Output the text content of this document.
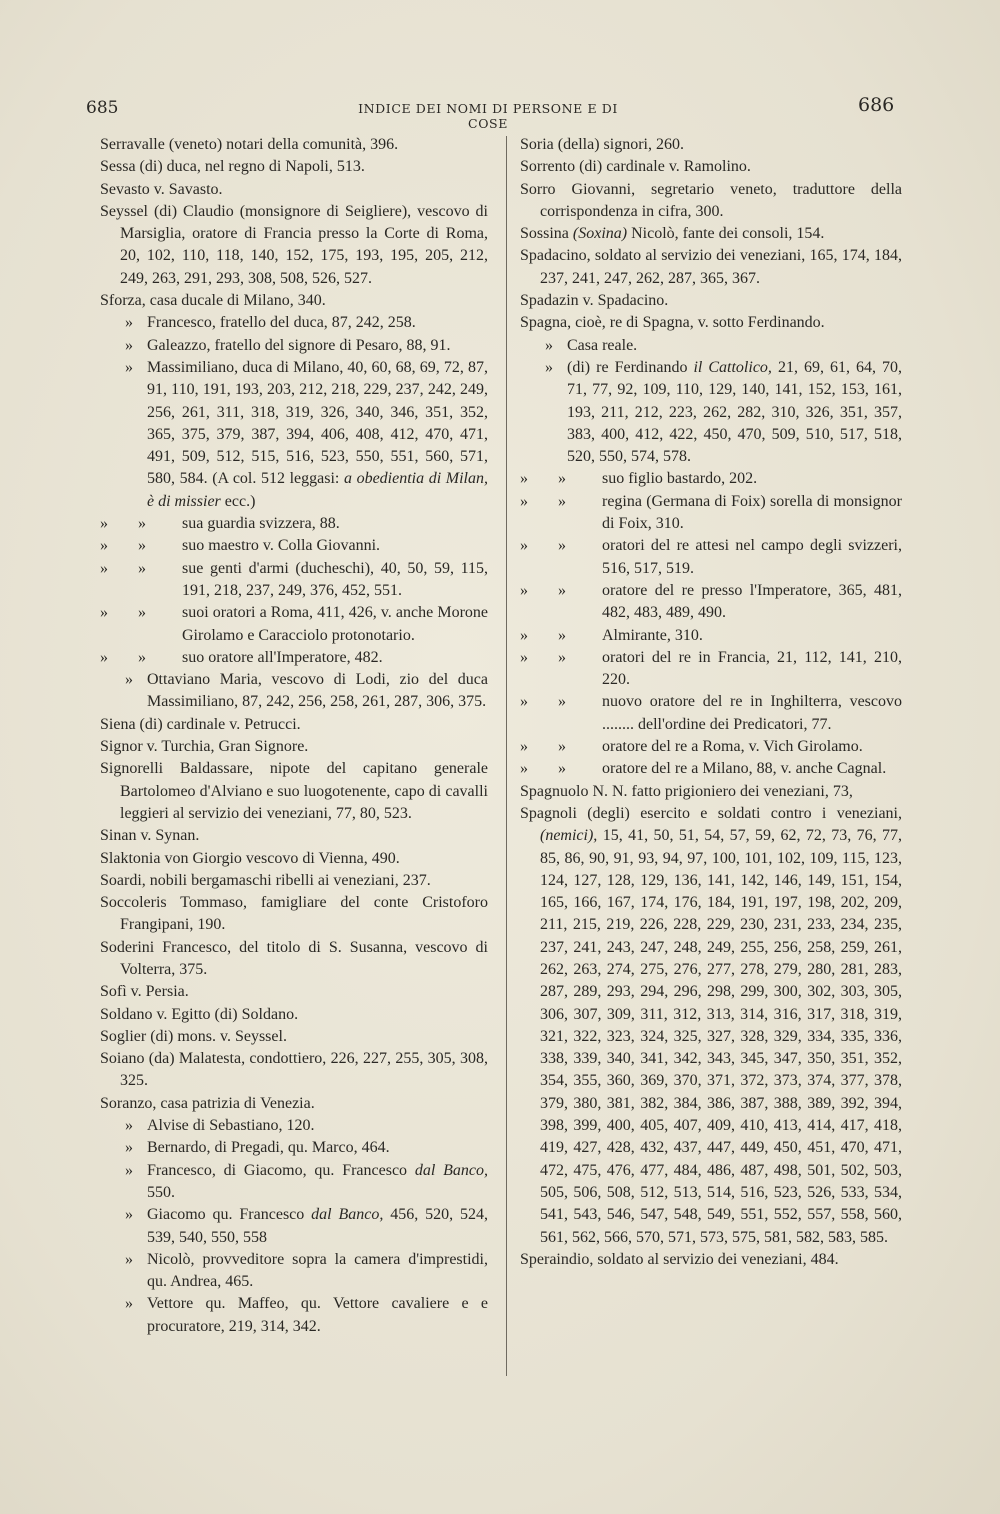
685	INDICE DEI NOMI DI PERSONE E DI COSE
686
Serravalle (veneto) notari della comunità, 396.
Sessa (di) duca, nel regno di Napoli, 513.
Sevasto v. Savasto.
Seyssel (di) Claudio (monsignore di Seigliere), vescovo di Marsiglia, oratore di Francia presso la Corte di Roma, 20, 102, 110, 118, 140, 152, 175, 193, 195, 205, 212, 249, 263, 291, 293, 308, 508, 526, 527.
Sforza, casa ducale di Milano, 340.
» Francesco, fratello del duca, 87, 242, 258.
» Galeazzo, fratello del signore di Pesaro, 88, 91.
» Massimiliano, duca di Milano, 40, 60, 68, 69, 72, 87, 91, 110, 191, 193, 203, 212, 218, 229, 237, 242, 249, 256, 261, 311, 318, 319, 326, 340, 346, 351, 352, 365, 375, 379, 387, 394, 406, 408, 412, 470, 471, 491, 509, 512, 515, 516, 523, 550, 551, 560, 571, 580, 584. (A col. 512 leggasi: a obedientia di Milan, è di missier ecc.)
» » sua guardia svizzera, 88.
» » suo maestro v. Colla Giovanni.
» » sue genti d'armi (ducheschi), 40, 50, 59, 115, 191, 218, 237, 249, 376, 452, 551.
» » suoi oratori a Roma, 411, 426, v. anche Morone Girolamo e Caracciolo protonotario.
» » suo oratore all'Imperatore, 482.
» Ottaviano Maria, vescovo di Lodi, zio del duca Massimiliano, 87, 242, 256, 258, 261, 287, 306, 375.
Siena (di) cardinale v. Petrucci.
Signor v. Turchia, Gran Signore.
Signorelli Baldassare, nipote del capitano generale Bartolomeo d'Alviano e suo luogotenente, capo di cavalli leggieri al servizio dei veneziani, 77, 80, 523.
Sinan v. Synan.
Slaktonia von Giorgio vescovo di Vienna, 490.
Soardi, nobili bergamaschi ribelli ai veneziani, 237.
Soccoleris Tommaso, famigliare del conte Cristoforo Frangipani, 190.
Soderini Francesco, del titolo di S. Susanna, vescovo di Volterra, 375.
Sofì v. Persia.
Soldano v. Egitto (di) Soldano.
Soglier (di) mons. v. Seyssel.
Soiano (da) Malatesta, condottiero, 226, 227, 255, 305, 308, 325.
Soranzo, casa patrizia di Venezia.
» Alvise di Sebastiano, 120.
» Bernardo, di Pregadi, qu. Marco, 464.
» Francesco, di Giacomo, qu. Francesco dal Banco, 550.
» Giacomo qu. Francesco dal Banco, 456, 520, 524, 539, 540, 550, 558
» Nicolò, provveditore sopra la camera d'imprestidi, qu. Andrea, 465.
» Vettore qu. Maffeo, qu. Vettore cavaliere e e procuratore, 219, 314, 342.
Soria (della) signori, 260.
Sorrento (di) cardinale v. Ramolino.
Sorro Giovanni, segretario veneto, traduttore della corrispondenza in cifra, 300.
Sossina (Soxina) Nicolò, fante dei consoli, 154.
Spadacino, soldato al servizio dei veneziani, 165, 174, 184, 237, 241, 247, 262, 287, 365, 367.
Spadazin v. Spadacino.
Spagna, cioè, re di Spagna, v. sotto Ferdinando.
» Casa reale.
» (di) re Ferdinando il Cattolico, 21, 69, 61, 64, 70, 71, 77, 92, 109, 110, 129, 140, 141, 152, 153, 161, 193, 211, 212, 223, 262, 282, 310, 326, 351, 357, 383, 400, 412, 422, 450, 470, 509, 510, 517, 518, 520, 550, 574, 578.
» » suo figlio bastardo, 202.
» » regina (Germana di Foix) sorella di monsignor di Foix, 310.
» » oratori del re attesi nel campo degli svizzeri, 516, 517, 519.
» » oratore del re presso l'Imperatore, 365, 481, 482, 483, 489, 490.
» » Almirante, 310.
» » oratori del re in Francia, 21, 112, 141, 210, 220.
» » nuovo oratore del re in Inghilterra, vescovo ........ dell'ordine dei Predicatori, 77.
» » oratore del re a Roma, v. Vich Girolamo.
» » oratore del re a Milano, 88, v. anche Cagnal.
Spagnuolo N. N. fatto prigioniero dei veneziani, 73,
Spagnoli (degli) esercito e soldati contro i veneziani, (nemici), 15, 41, 50, 51, 54, 57, 59, 62, 72, 73, 76, 77, 85, 86, 90, 91, 93, 94, 97, 100, 101, 102, 109, 115, 123, 124, 127, 128, 129, 136, 141, 142, 146, 149, 151, 154, 165, 166, 167, 174, 176, 184, 191, 197, 198, 202, 209, 211, 215, 219, 226, 228, 229, 230, 231, 233, 234, 235, 237, 241, 243, 247, 248, 249, 255, 256, 258, 259, 261, 262, 263, 274, 275, 276, 277, 278, 279, 280, 281, 283, 287, 289, 293, 294, 296, 298, 299, 300, 302, 303, 305, 306, 307, 309, 311, 312, 313, 314, 316, 317, 318, 319, 321, 322, 323, 324, 325, 327, 328, 329, 334, 335, 336, 338, 339, 340, 341, 342, 343, 345, 347, 350, 351, 352, 354, 355, 360, 369, 370, 371, 372, 373, 374, 377, 378, 379, 380, 381, 382, 384, 386, 387, 388, 389, 392, 394, 398, 399, 400, 405, 407, 409, 410, 413, 414, 417, 418, 419, 427, 428, 432, 437, 447, 449, 450, 451, 470, 471, 472, 475, 476, 477, 484, 486, 487, 498, 501, 502, 503, 505, 506, 508, 512, 513, 514, 516, 523, 526, 533, 534, 541, 543, 546, 547, 548, 549, 551, 552, 557, 558, 560, 561, 562, 566, 570, 571, 573, 575, 581, 582, 583, 585.
Speraindio, soldato al servizio dei veneziani, 484.
